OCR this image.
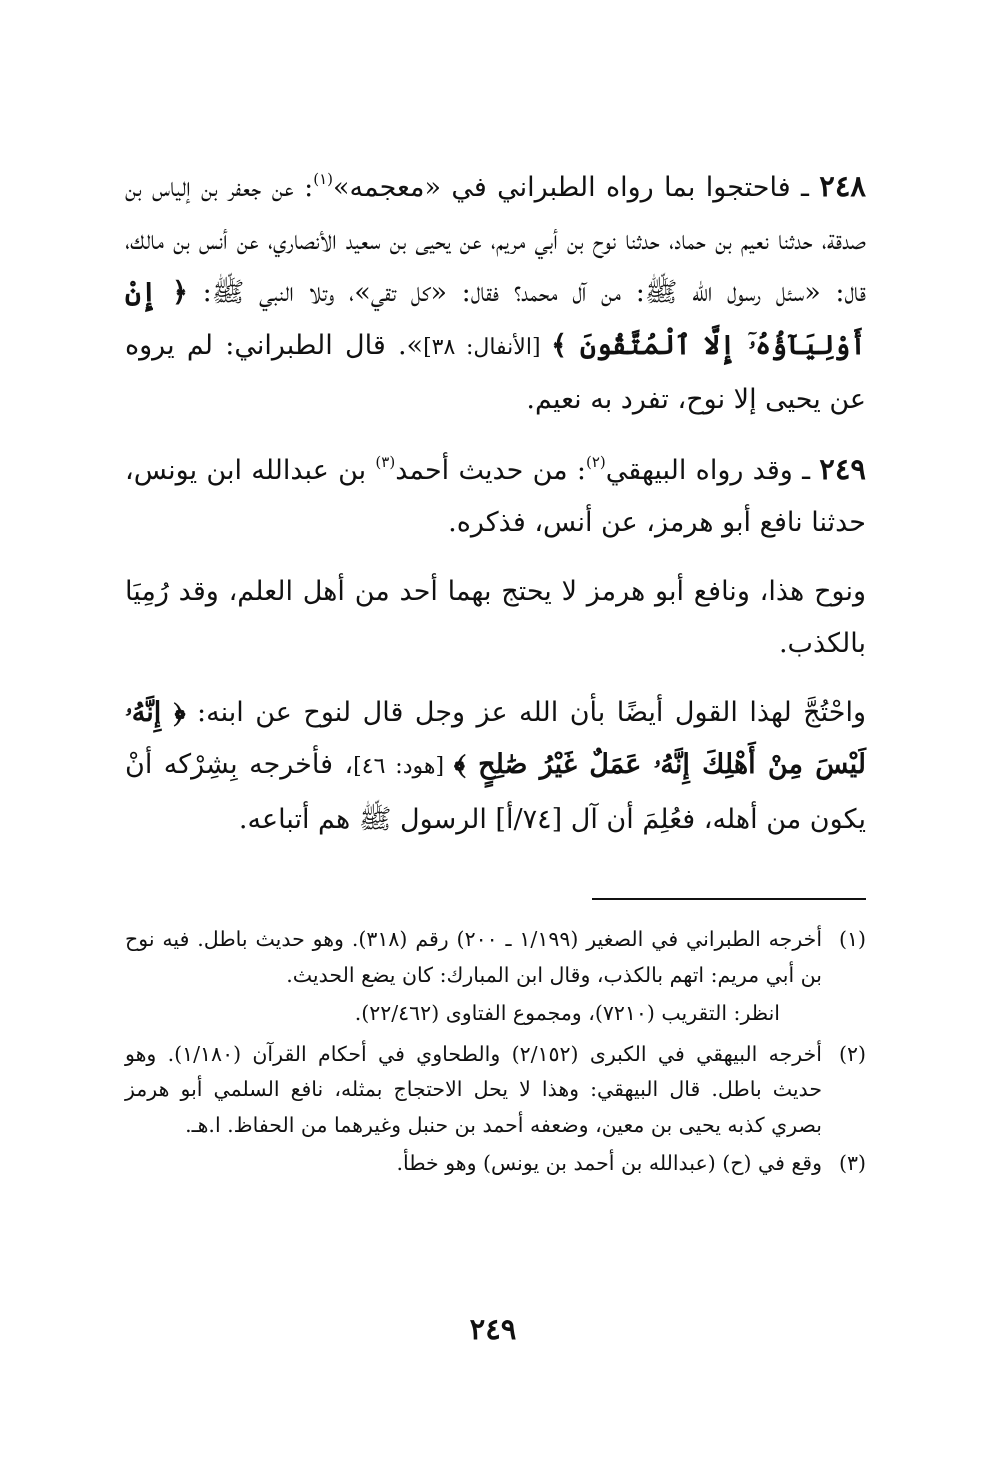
٢٤٨ ـ فاحتجوا بما رواه الطبراني في «معجمه»$^{(١)}$: عن جعفر بن إلياس بن صدقة، حدثنا نعيم بن حماد، حدثنا نوح بن أبي مريم، عن يحيى بن سعيد الأنصاري، عن أنس بن مالك، قال: «سئل رسول الله ﷺ: من آل محمد؟ فقال: «كل تقي»، وتلا النبي ﷺ: ﴿ إِنْ أَوْلِيَآؤُهُۥٓ إِلَّا ٱلْمُتَّقُونَ ﴾ [الأنفال: ٣٨]». قال الطبراني: لم يروه عن يحيى إلا نوح، تفرد به نعيم.

٢٤٩ ـ وقد رواه البيهقي$^{(٢)}$: من حديث أحمد$^{(٣)}$ بن عبدالله ابن يونس، حدثنا نافع أبو هرمز، عن أنس، فذكره.

ونوح هذا، ونافع أبو هرمز لا يحتج بهما أحد من أهل العلم، وقد رُمِيَا بالكذب.

واحْتُجَّ لهذا القول أيضًا بأن الله عز وجل قال لنوح عن ابنه: ﴿ إِنَّهُۥ لَيْسَ مِنْ أَهْلِكَ إِنَّهُۥ عَمَلٌ غَيْرُ صَٰلِحٍ ﴾ [هود: ٤٦]، فأخرجه بِشِرْكه أنْ يكون من أهله، فعُلِمَ أن آل [٧٤/أ] الرسول ﷺ هم أتباعه.

(١)
أخرجه الطبراني في الصغير (١/١٩٩ ـ ٢٠٠) رقم (٣١٨). وهو حديث باطل. فيه نوح بن أبي مريم: اتهم بالكذب، وقال ابن المبارك: كان يضع الحديث.
انظر: التقريب (٧٢١٠)، ومجموع الفتاوى (٢٢/٤٦٢).
(٢)
أخرجه البيهقي في الكبرى (٢/١٥٢) والطحاوي في أحكام القرآن (١/١٨٠). وهو حديث باطل. قال البيهقي: وهذا لا يحل الاحتجاج بمثله، نافع السلمي أبو هرمز بصري كذبه يحيى بن معين، وضعفه أحمد بن حنبل وغيرهما من الحفاظ. ا.هـ.
(٣)
وقع في (ح) (عبدالله بن أحمد بن يونس) وهو خطأ.
٢٤٩
